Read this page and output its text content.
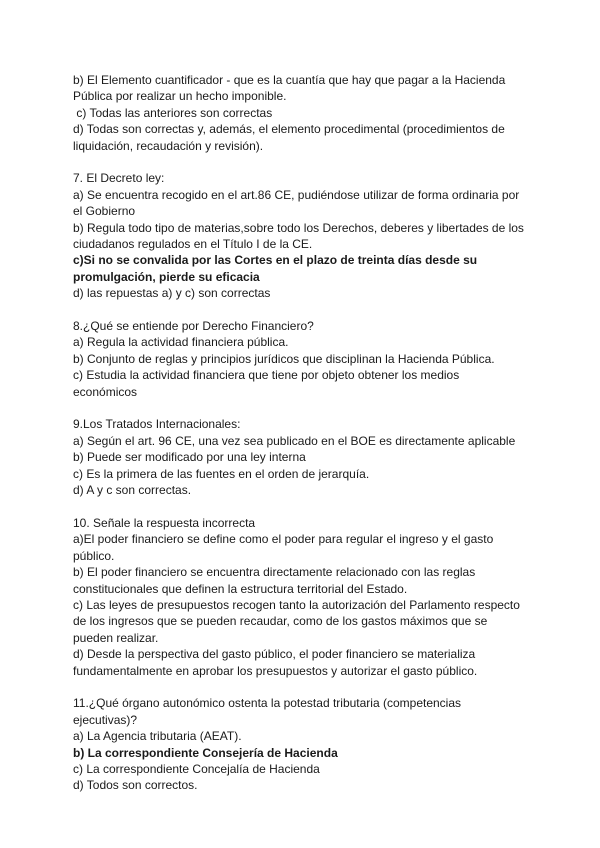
b) El Elemento cuantificador - que es la cuantía que hay que pagar a la Hacienda
Pública por realizar un hecho imponible.
c) Todas las anteriores son correctas
d) Todas son correctas y, además, el elemento procedimental (procedimientos de
liquidación, recaudación y revisión).
7. El Decreto ley:
a) Se encuentra recogido en el art.86 CE, pudiéndose utilizar de forma ordinaria por
el Gobierno
b) Regula todo tipo de materias,sobre todo los Derechos, deberes y libertades de los
ciudadanos regulados en el Título I de la CE.
c)Si no se convalida por las Cortes en el plazo de treinta días desde su
promulgación, pierde su eficacia
d) las repuestas a) y c) son correctas
8.¿Qué se entiende por Derecho Financiero?
a) Regula la actividad financiera pública.
b) Conjunto de reglas y principios jurídicos que disciplinan la Hacienda Pública.
c) Estudia la actividad financiera que tiene por objeto obtener los medios
económicos
9.Los Tratados Internacionales:
a) Según el art. 96 CE, una vez sea publicado en el BOE es directamente aplicable
b) Puede ser modificado por una ley interna
c) Es la primera de las fuentes en el orden de jerarquía.
d) A y c son correctas.
10. Señale la respuesta incorrecta
a)El poder financiero se define como el poder para regular el ingreso y el gasto
público.
b) El poder financiero se encuentra directamente relacionado con las reglas
constitucionales que definen la estructura territorial del Estado.
c) Las leyes de presupuestos recogen tanto la autorización del Parlamento respecto
de los ingresos que se pueden recaudar, como de los gastos máximos que se
pueden realizar.
d) Desde la perspectiva del gasto público, el poder financiero se materializa
fundamentalmente en aprobar los presupuestos y autorizar el gasto público.
11.¿Qué órgano autonómico ostenta la potestad tributaria (competencias
ejecutivas)?
a) La Agencia tributaria (AEAT).
b) La correspondiente Consejería de Hacienda
c) La correspondiente Concejalía de Hacienda
d) Todos son correctos.
